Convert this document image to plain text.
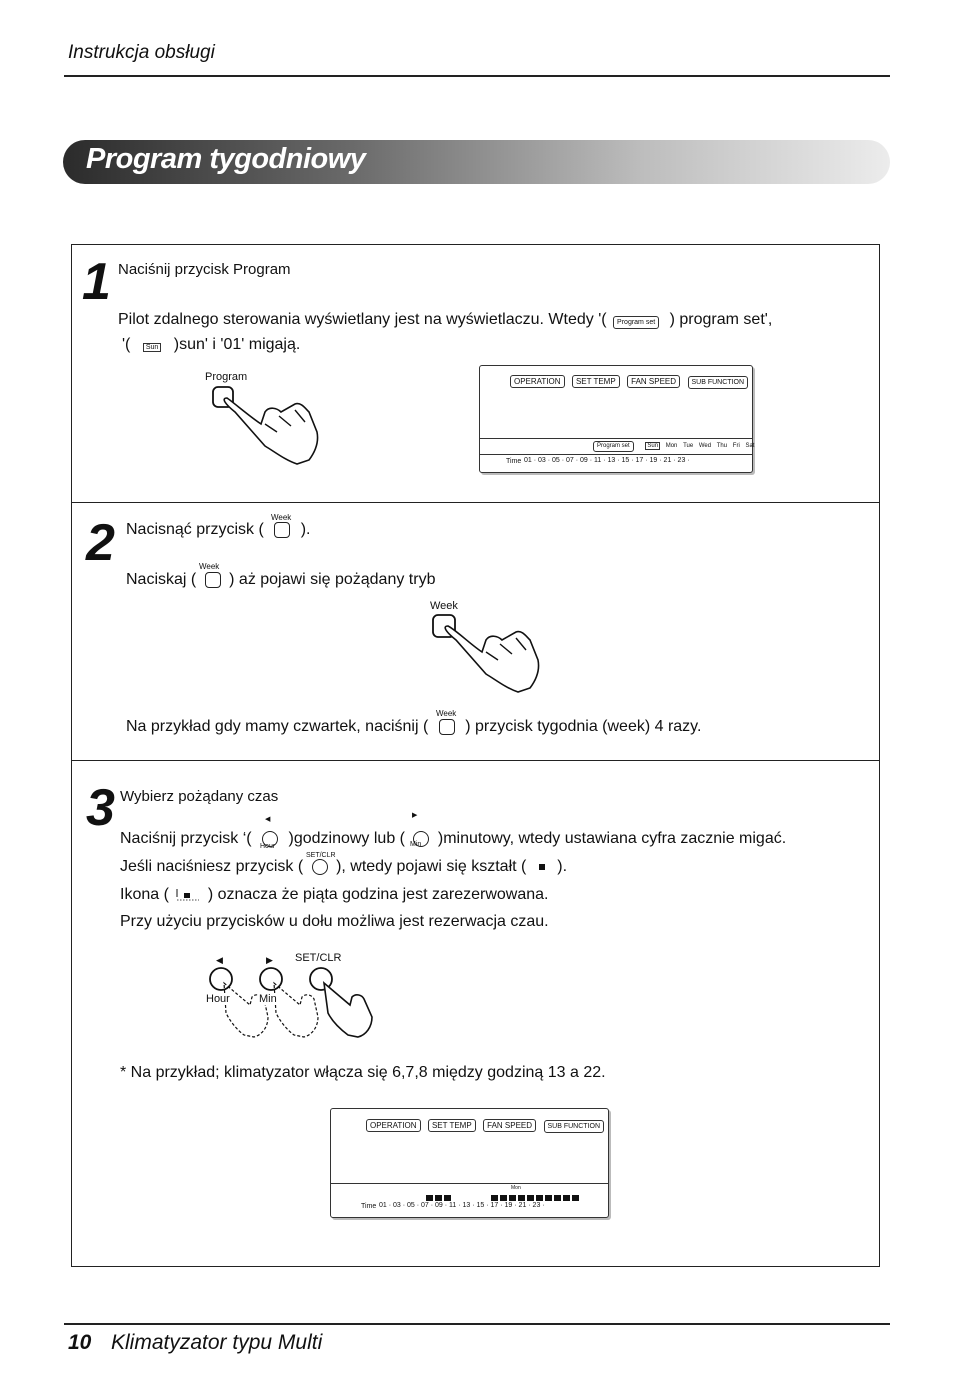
Instrukcja obsługi
Program tygodniowy
1 Naciśnij przycisk Program
Pilot zdalnego sterowania wyświetlany jest na wyświetlaczu. Wtedy '( Program set ) program set',
'( Sun )sun' i '01' migają.
Program	OPERATION SET TEMP FAN SPEED SUB FUNCTION
Program set	Sun Mon Tue Wed Thu Fri Sat
Time 01 · 03 · 05 · 07 · 09 · 11 · 13 · 15 · 17 · 19 · 21 · 23 ·
2	Week
Nacisnąć przycisk ( ).
Week
Naciskaj ( ) aż pojawi się pożądany tryb
Week
Week
Na przykład gdy mamy czwartek, naciśnij ( ) przycisk tygodnia (week) 4 razy.
3 Wybierz pożądany czas
◀
▶
Naciśnij przycisk ‘( )godzinowy lub ( )minutowy, wtedy ustawiana cyfra zacznie migać.
Hour	Min
SET/CLR
Jeśli naciśniesz przycisk ( ), wtedy pojawi się kształt ( ).
Ikona ( ) oznacza że piąta godzina jest zarezerwowana.
Przy użyciu przycisków u dołu możliwa jest rezerwacja czau.
◀	▶ SET/CLR
Hour	Min
* Na przykład; klimatyzator włącza się 6,7,8 między godziną 13 a 22.
OPERATION SET TEMP FAN SPEED SUB FUNCTION
Mon
Time 01 · 03 · 05 · 07 · 09 · 11 · 13 · 15 · 17 · 19 · 21 · 23 ·
10 Klimatyzator typu Multi
